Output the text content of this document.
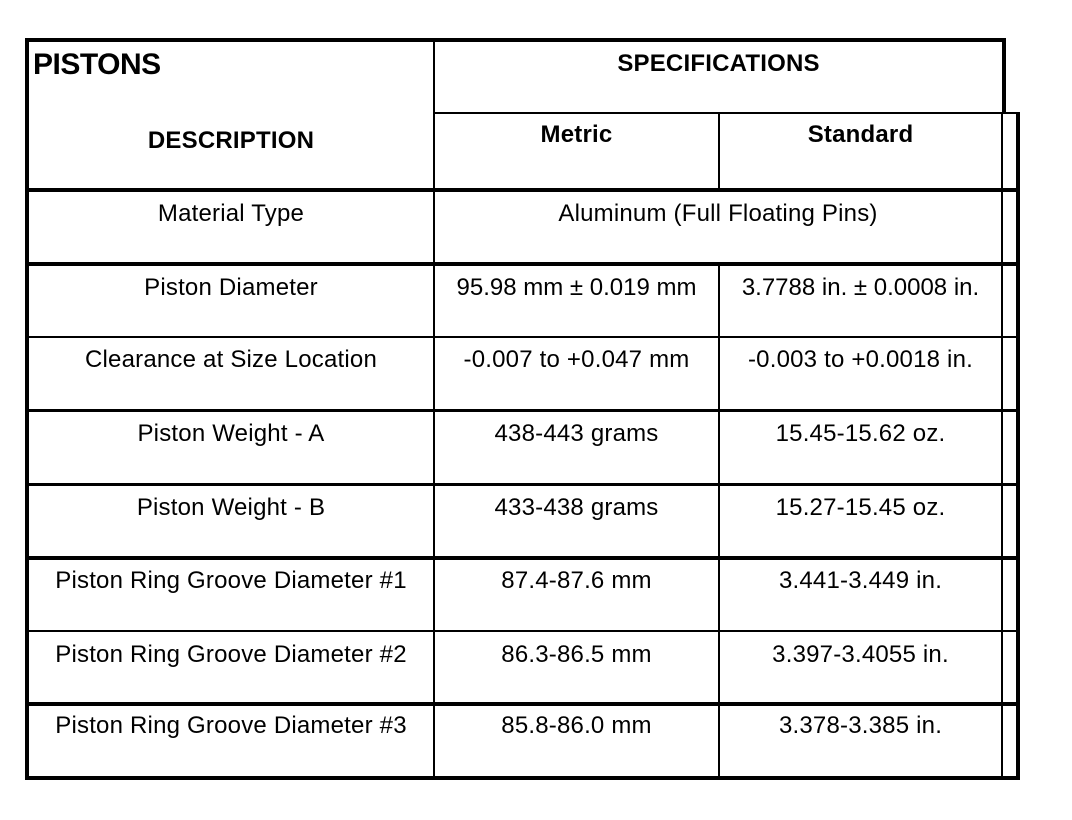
PISTONS	SPECIFICATIONS
DESCRIPTION	Metric	Standard
Material Type	Aluminum (Full Floating Pins)
Piston Diameter	95.98 mm ± 0.019 mm	3.7788 in. ± 0.0008 in.
Clearance at Size Location	-0.007 to +0.047 mm	-0.003 to +0.0018 in.
Piston Weight - A	438-443 grams	15.45-15.62 oz.
Piston Weight - B	433-438 grams	15.27-15.45 oz.
Piston Ring Groove Diameter #1	87.4-87.6 mm	3.441-3.449 in.
Piston Ring Groove Diameter #2	86.3-86.5 mm	3.397-3.4055 in.
Piston Ring Groove Diameter #3	85.8-86.0 mm	3.378-3.385 in.
